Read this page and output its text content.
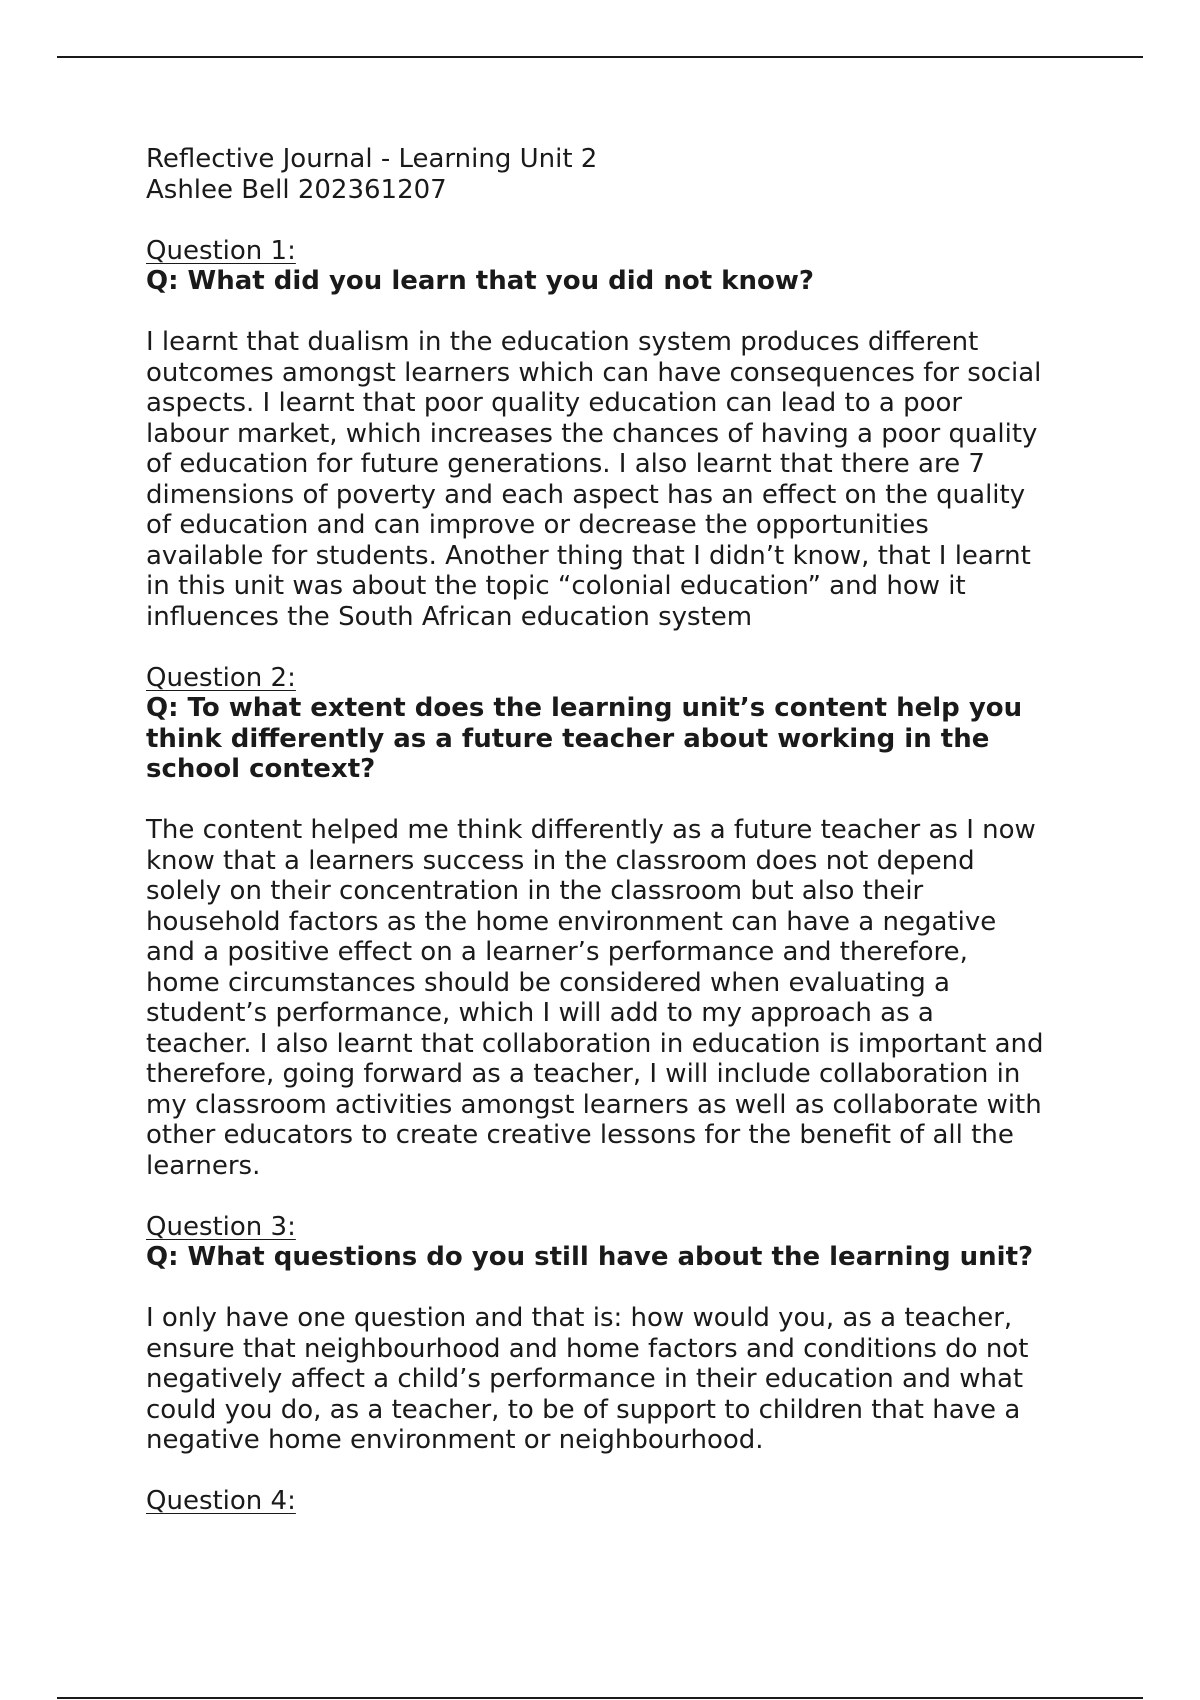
Reflective Journal - Learning Unit 2
Ashlee Bell 202361207
Question 1:
Q: What did you learn that you did not know?
I learnt that dualism in the education system produces different
outcomes amongst learners which can have consequences for social
aspects. I learnt that poor quality education can lead to a poor
labour market, which increases the chances of having a poor quality
of education for future generations. I also learnt that there are 7
dimensions of poverty and each aspect has an effect on the quality
of education and can improve or decrease the opportunities
available for students. Another thing that I didn’t know, that I learnt
in this unit was about the topic “colonial education” and how it
influences the South African education system
Question 2:
Q: To what extent does the learning unit’s content help you
think differently as a future teacher about working in the
school context?
The content helped me think differently as a future teacher as I now
know that a learners success in the classroom does not depend
solely on their concentration in the classroom but also their
household factors as the home environment can have a negative
and a positive effect on a learner’s performance and therefore,
home circumstances should be considered when evaluating a
student’s performance, which I will add to my approach as a
teacher. I also learnt that collaboration in education is important and
therefore, going forward as a teacher, I will include collaboration in
my classroom activities amongst learners as well as collaborate with
other educators to create creative lessons for the benefit of all the
learners.
Question 3:
Q: What questions do you still have about the learning unit?
I only have one question and that is: how would you, as a teacher,
ensure that neighbourhood and home factors and conditions do not
negatively affect a child’s performance in their education and what
could you do, as a teacher, to be of support to children that have a
negative home environment or neighbourhood.
Question 4:
